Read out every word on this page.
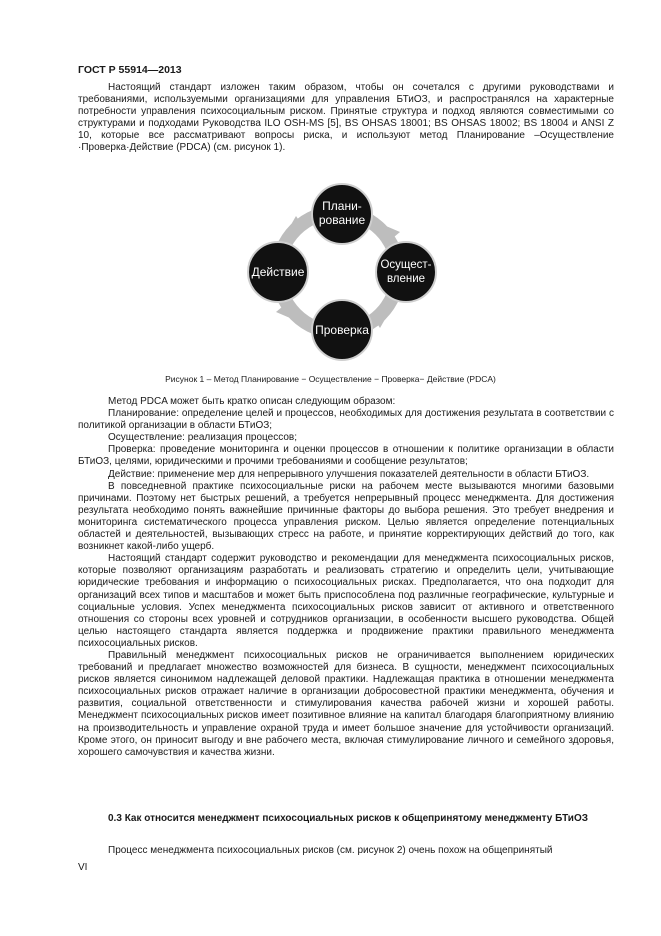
ГОСТ Р 55914—2013

Настоящий стандарт изложен таким образом, чтобы он сочетался с другими руководствами и требованиями, используемыми организациями для управления БТиОЗ, и распространялся на характерные потребности управления психосоциальным риском. Принятые структура и подход являются совместимыми со структурами и подходами Руководства ILO OSH-MS [5], BS OHSAS 18001; BS OHSAS 18002; BS 18004 и ANSI Z 10, которые все рассматривают вопросы риска, и используют метод Планирование –Осуществление ·Проверка·Действие (PDCA) (см. рисунок 1).

Плани-
рование
Осущест-
вление
Проверка
Действие
Рисунок 1 – Метод Планирование − Осуществление − Проверка− Действие (PDCA)

Метод PDCA может быть кратко описан следующим образом:

Планирование: определение целей и процессов, необходимых для достижения результата в соответствии с политикой организации в области БТиОЗ;

Осуществление: реализация процессов;

Проверка: проведение мониторинга и оценки процессов в отношении к политике организации в области БТиОЗ, целями, юридическими и прочими требованиями и сообщение результатов;

Действие: применение мер для непрерывного улучшения показателей деятельности в области БТиОЗ.

В повседневной практике психосоциальные риски на рабочем месте вызываются многими базовыми причинами. Поэтому нет быстрых решений, а требуется непрерывный процесс менеджмента. Для достижения результата необходимо понять важнейшие причинные факторы до выбора решения. Это требует внедрения и мониторинга систематического процесса управления риском. Целью является определение потенциальных областей и деятельностей, вызывающих стресс на работе, и принятие корректирующих действий до того, как возникнет какой-либо ущерб.

Настоящий стандарт содержит руководство и рекомендации для менеджмента психосоциальных рисков, которые позволяют организациям разработать и реализовать стратегию и определить цели, учитывающие юридические требования и информацию о психосоциальных рисках. Предполагается, что она подходит для организаций всех типов и масштабов и может быть приспособлена под различные географические, культурные и социальные условия. Успех менеджмента психосоциальных рисков зависит от активного и ответственного отношения со стороны всех уровней и сотрудников организации, в особенности высшего руководства. Общей целью настоящего стандарта является поддержка и продвижение практики правильного менеджмента психосоциальных рисков.

Правильный менеджмент психосоциальных рисков не ограничивается выполнением юридических требований и предлагает множество возможностей для бизнеса. В сущности, менеджмент психосоциальных рисков является синонимом надлежащей деловой практики. Надлежащая практика в отношении менеджмента психосоциальных рисков отражает наличие в организации добросовестной практики менеджмента, обучения и развития, социальной ответственности и стимулирования качества рабочей жизни и хорошей работы. Менеджмент психосоциальных рисков имеет позитивное влияние на капитал благодаря благоприятному влиянию на производительность и управление охраной труда и имеет большое значение для устойчивости организаций. Кроме этого, он приносит выгоду и вне рабочего места, включая стимулирование личного и семейного здоровья, хорошего самочувствия и качества жизни.

0.3 Как относится менеджмент психосоциальных рисков к общепринятому менеджменту БТиОЗ

Процесс менеджмента психосоциальных рисков (см. рисунок 2) очень похож на общепринятый

VI
